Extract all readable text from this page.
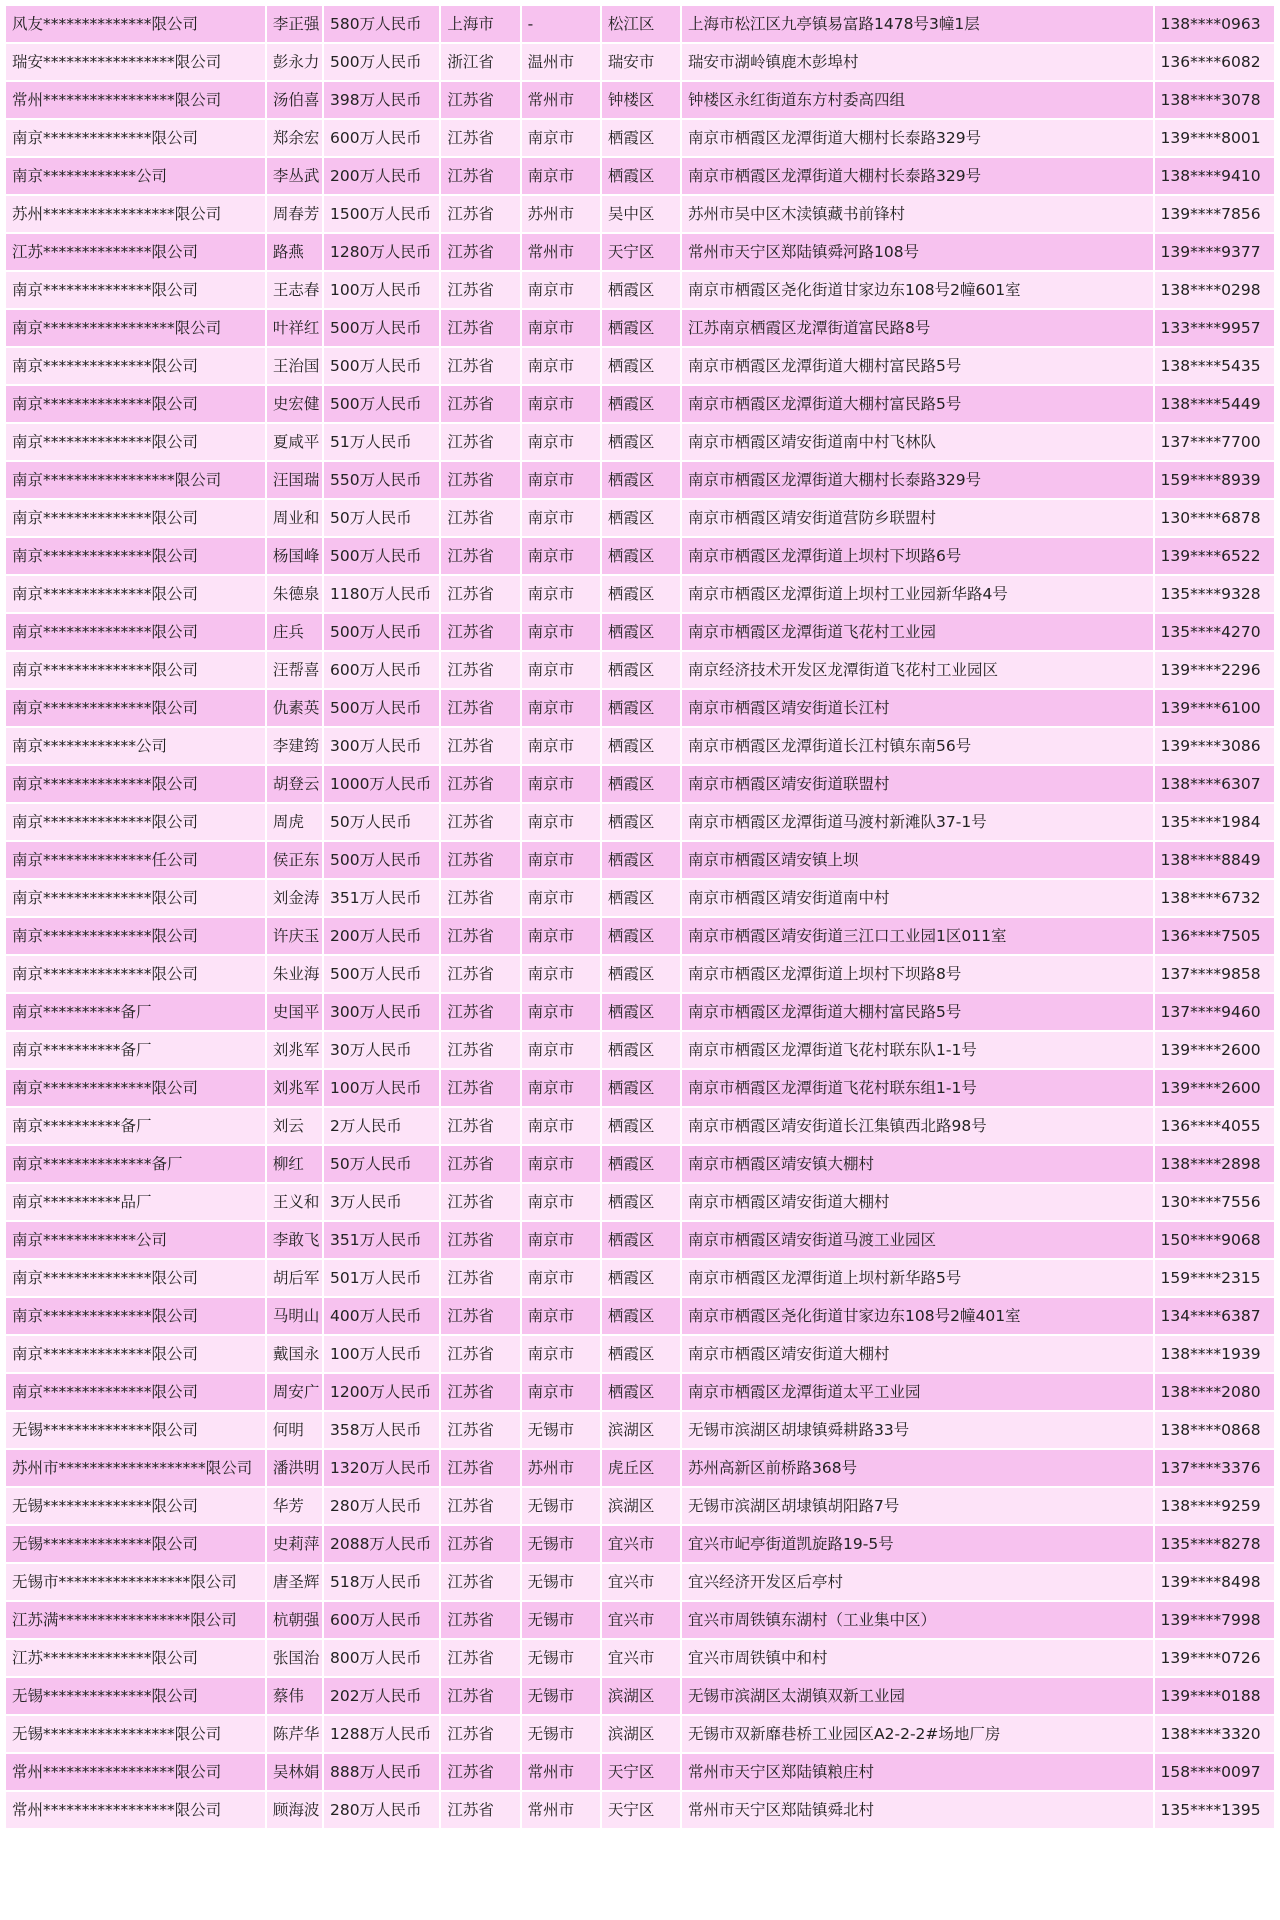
风友**************限公司	李正强	580万人民币	上海市	-	松江区	上海市松江区九亭镇易富路1478号3幢1层	138****0963
瑞安*****************限公司	彭永力	500万人民币	浙江省	温州市	瑞安市	瑞安市湖岭镇鹿木彭埠村	136****6082
常州*****************限公司	汤伯喜	398万人民币	江苏省	常州市	钟楼区	钟楼区永红街道东方村委高四组	138****3078
南京**************限公司	郑余宏	600万人民币	江苏省	南京市	栖霞区	南京市栖霞区龙潭街道大棚村长泰路329号	139****8001
南京************公司	李丛武	200万人民币	江苏省	南京市	栖霞区	南京市栖霞区龙潭街道大棚村长泰路329号	138****9410
苏州*****************限公司	周春芳	1500万人民币	江苏省	苏州市	吴中区	苏州市吴中区木渎镇藏书前锋村	139****7856
江苏**************限公司	路燕	1280万人民币	江苏省	常州市	天宁区	常州市天宁区郑陆镇舜河路108号	139****9377
南京**************限公司	王志春	100万人民币	江苏省	南京市	栖霞区	南京市栖霞区尧化街道甘家边东108号2幢601室	138****0298
南京*****************限公司	叶祥红	500万人民币	江苏省	南京市	栖霞区	江苏南京栖霞区龙潭街道富民路8号	133****9957
南京**************限公司	王治国	500万人民币	江苏省	南京市	栖霞区	南京市栖霞区龙潭街道大棚村富民路5号	138****5435
南京**************限公司	史宏健	500万人民币	江苏省	南京市	栖霞区	南京市栖霞区龙潭街道大棚村富民路5号	138****5449
南京**************限公司	夏咸平	51万人民币	江苏省	南京市	栖霞区	南京市栖霞区靖安街道南中村飞林队	137****7700
南京*****************限公司	汪国瑞	550万人民币	江苏省	南京市	栖霞区	南京市栖霞区龙潭街道大棚村长泰路329号	159****8939
南京**************限公司	周业和	50万人民币	江苏省	南京市	栖霞区	南京市栖霞区靖安街道营防乡联盟村	130****6878
南京**************限公司	杨国峰	500万人民币	江苏省	南京市	栖霞区	南京市栖霞区龙潭街道上坝村下坝路6号	139****6522
南京**************限公司	朱德泉	1180万人民币	江苏省	南京市	栖霞区	南京市栖霞区龙潭街道上坝村工业园新华路4号	135****9328
南京**************限公司	庄兵	500万人民币	江苏省	南京市	栖霞区	南京市栖霞区龙潭街道飞花村工业园	135****4270
南京**************限公司	汪帮喜	600万人民币	江苏省	南京市	栖霞区	南京经济技术开发区龙潭街道飞花村工业园区	139****2296
南京**************限公司	仇素英	500万人民币	江苏省	南京市	栖霞区	南京市栖霞区靖安街道长江村	139****6100
南京************公司	李建筠	300万人民币	江苏省	南京市	栖霞区	南京市栖霞区龙潭街道长江村镇东南56号	139****3086
南京**************限公司	胡登云	1000万人民币	江苏省	南京市	栖霞区	南京市栖霞区靖安街道联盟村	138****6307
南京**************限公司	周虎	50万人民币	江苏省	南京市	栖霞区	南京市栖霞区龙潭街道马渡村新滩队37-1号	135****1984
南京**************任公司	侯正东	500万人民币	江苏省	南京市	栖霞区	南京市栖霞区靖安镇上坝	138****8849
南京**************限公司	刘金涛	351万人民币	江苏省	南京市	栖霞区	南京市栖霞区靖安街道南中村	138****6732
南京**************限公司	许庆玉	200万人民币	江苏省	南京市	栖霞区	南京市栖霞区靖安街道三江口工业园1区011室	136****7505
南京**************限公司	朱业海	500万人民币	江苏省	南京市	栖霞区	南京市栖霞区龙潭街道上坝村下坝路8号	137****9858
南京**********备厂	史国平	300万人民币	江苏省	南京市	栖霞区	南京市栖霞区龙潭街道大棚村富民路5号	137****9460
南京**********备厂	刘兆军	30万人民币	江苏省	南京市	栖霞区	南京市栖霞区龙潭街道飞花村联东队1-1号	139****2600
南京**************限公司	刘兆军	100万人民币	江苏省	南京市	栖霞区	南京市栖霞区龙潭街道飞花村联东组1-1号	139****2600
南京**********备厂	刘云	2万人民币	江苏省	南京市	栖霞区	南京市栖霞区靖安街道长江集镇西北路98号	136****4055
南京**************备厂	柳红	50万人民币	江苏省	南京市	栖霞区	南京市栖霞区靖安镇大棚村	138****2898
南京**********品厂	王义和	3万人民币	江苏省	南京市	栖霞区	南京市栖霞区靖安街道大棚村	130****7556
南京************公司	李敢飞	351万人民币	江苏省	南京市	栖霞区	南京市栖霞区靖安街道马渡工业园区	150****9068
南京**************限公司	胡后军	501万人民币	江苏省	南京市	栖霞区	南京市栖霞区龙潭街道上坝村新华路5号	159****2315
南京**************限公司	马明山	400万人民币	江苏省	南京市	栖霞区	南京市栖霞区尧化街道甘家边东108号2幢401室	134****6387
南京**************限公司	戴国永	100万人民币	江苏省	南京市	栖霞区	南京市栖霞区靖安街道大棚村	138****1939
南京**************限公司	周安广	1200万人民币	江苏省	南京市	栖霞区	南京市栖霞区龙潭街道太平工业园	138****2080
无锡**************限公司	何明	358万人民币	江苏省	无锡市	滨湖区	无锡市滨湖区胡埭镇舜耕路33号	138****0868
苏州市*******************限公司	潘洪明	1320万人民币	江苏省	苏州市	虎丘区	苏州高新区前桥路368号	137****3376
无锡**************限公司	华芳	280万人民币	江苏省	无锡市	滨湖区	无锡市滨湖区胡埭镇胡阳路7号	138****9259
无锡**************限公司	史莉萍	2088万人民币	江苏省	无锡市	宜兴市	宜兴市屺亭街道凯旋路19-5号	135****8278
无锡市*****************限公司	唐圣辉	518万人民币	江苏省	无锡市	宜兴市	宜兴经济开发区后亭村	139****8498
江苏满*****************限公司	杭朝强	600万人民币	江苏省	无锡市	宜兴市	宜兴市周铁镇东湖村（工业集中区）	139****7998
江苏**************限公司	张国治	800万人民币	江苏省	无锡市	宜兴市	宜兴市周铁镇中和村	139****0726
无锡**************限公司	蔡伟	202万人民币	江苏省	无锡市	滨湖区	无锡市滨湖区太湖镇双新工业园	139****0188
无锡*****************限公司	陈芹华	1288万人民币	江苏省	无锡市	滨湖区	无锡市双新靡巷桥工业园区A2-2-2#场地厂房	138****3320
常州*****************限公司	吴林娟	888万人民币	江苏省	常州市	天宁区	常州市天宁区郑陆镇粮庄村	158****0097
常州*****************限公司	顾海波	280万人民币	江苏省	常州市	天宁区	常州市天宁区郑陆镇舜北村	135****1395
